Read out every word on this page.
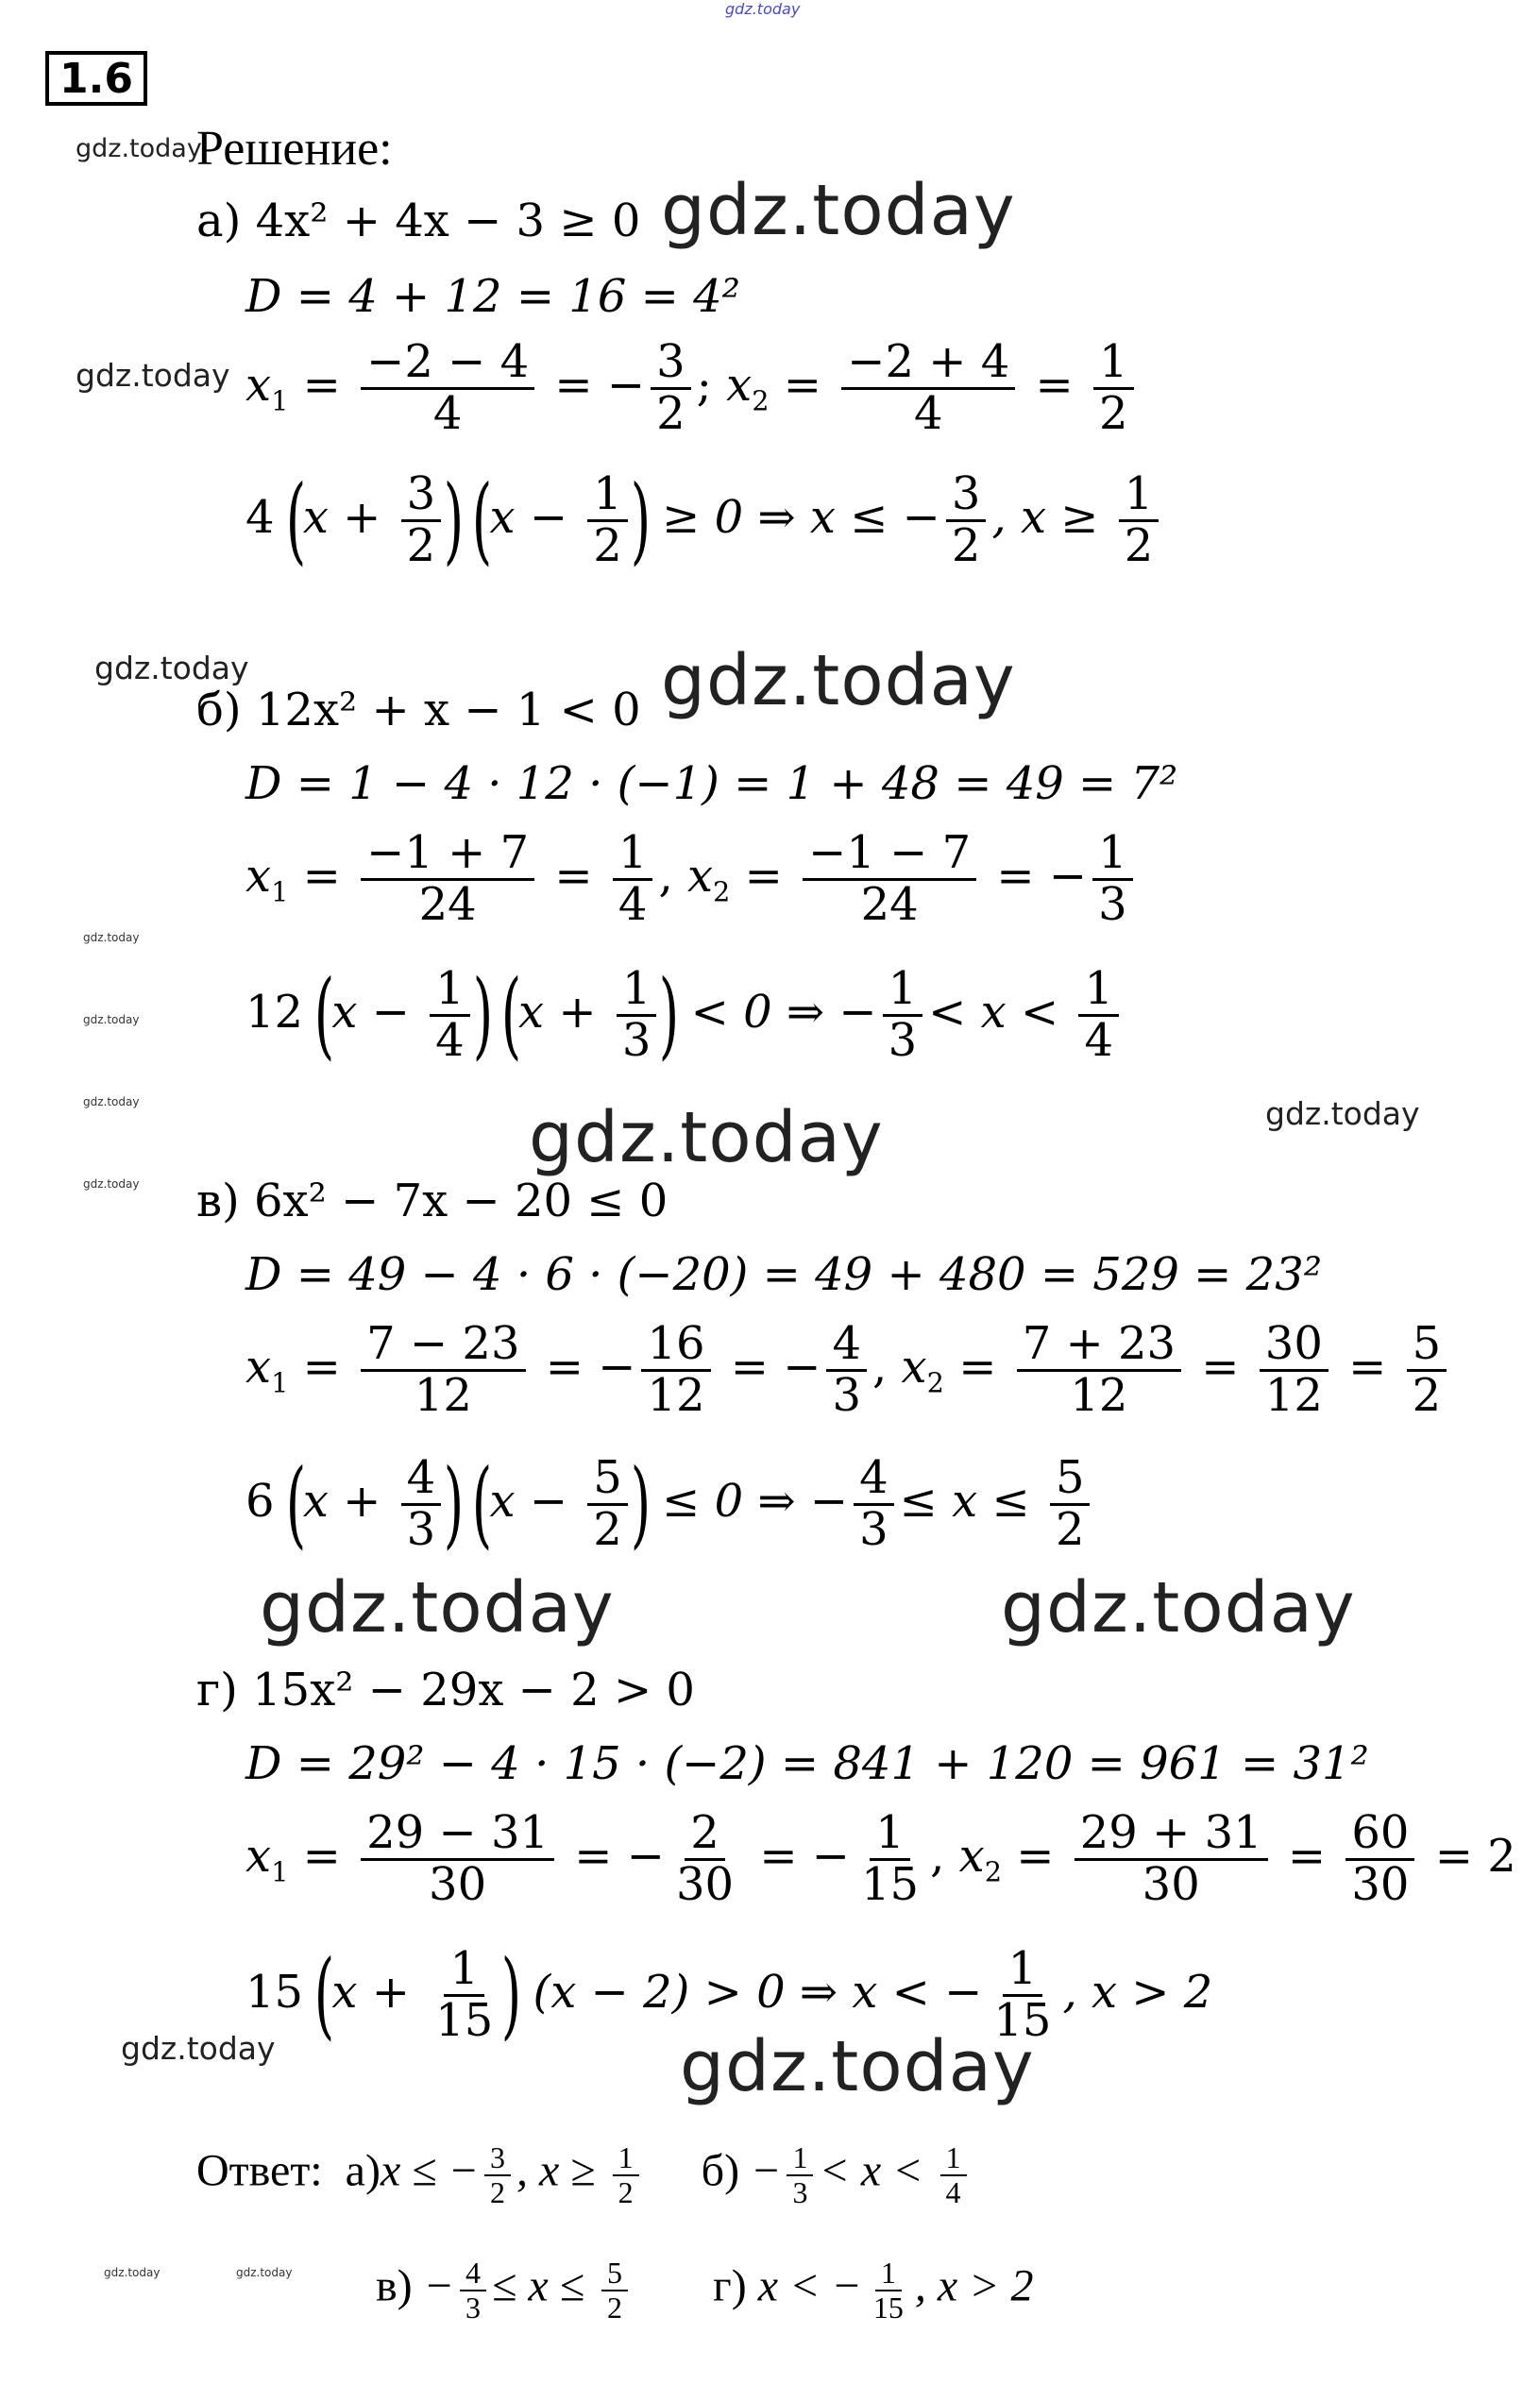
gdz.today
gdz.today
gdz.today
gdz.today
gdz.today	gdz.today
gdz.today
gdz.today
gdz.today
gdz.today
gdz.today	gdz.today
gdz.today	gdz.today
gdz.today	gdz.today
gdz.today	gdz.today
1.6
Решение:
а) 4x² + 4x − 3 ≥ 0
D = 4 + 12 = 16 = 4²
$x_1 = \frac{-2 - 4}{4}$ = − $\frac{3}{2}$ ; $x_2 = \frac{-2 + 4}{4} = \frac{1}{2}$
4 ($x + \frac{3}{2}$ ) ($x - \frac{1}{2}$ ) ≥ 0 ⇒ x ≤ − $\frac{3}{2}$ , $x \ge \frac{1}{2}$
б) 12x² + x − 1 < 0
D = 1 − 4 · 12 · (−1) = 1 + 48 = 49 = 7²
$x_1 = \frac{-1 + 7}{24} = \frac{1}{4}$ , $x_2 = \frac{-1 - 7}{24}$ = − $\frac{1}{3}$
12 ($x - \frac{1}{4}$ ) ($x + \frac{1}{3}$ ) < 0 ⇒ − $\frac{1}{3} < x < \frac{1}{4}$
в) 6x² − 7x − 20 ≤ 0
D = 49 − 4 · 6 · (−20) = 49 + 480 = 529 = 23²
$x_1 = \frac{7 - 23}{12}$ = − $\frac{16}{12}$ = − $\frac{4}{3}$ , $x_2 = \frac{7 + 23}{12} = \frac{30}{12} = \frac{5}{2}$
6 ($x + \frac{4}{3}$ ) ($x - \frac{5}{2}$ ) ≤ 0 ⇒ − $\frac{4}{3} \le x \le \frac{5}{2}$
г) 15x² − 29x − 2 > 0
D = 29² − 4 · 15 · (−2) = 841 + 120 = 961 = 31²
$x_1 = \frac{29 - 31}{30}$ = − $\frac{2}{30}$ = − $\frac{1}{15}$ , $x_2 = \frac{29 + 31}{30} = \frac{60}{30} = 2$
15 ($x + \frac{1}{15}$ ) (x − 2) > 0 ⇒ x < − $\frac{1}{15}$ , x > 2
Ответ: а)x ≤ − $\frac{3}{2}$ , $x \ge \frac{1}{2} б) - \frac{1}{3} < x < \frac{1}{4}$
$в) - \frac{4}{3} \le x \le \frac{5}{2} г$) x < − $\frac{1}{15}$ , x > 2
